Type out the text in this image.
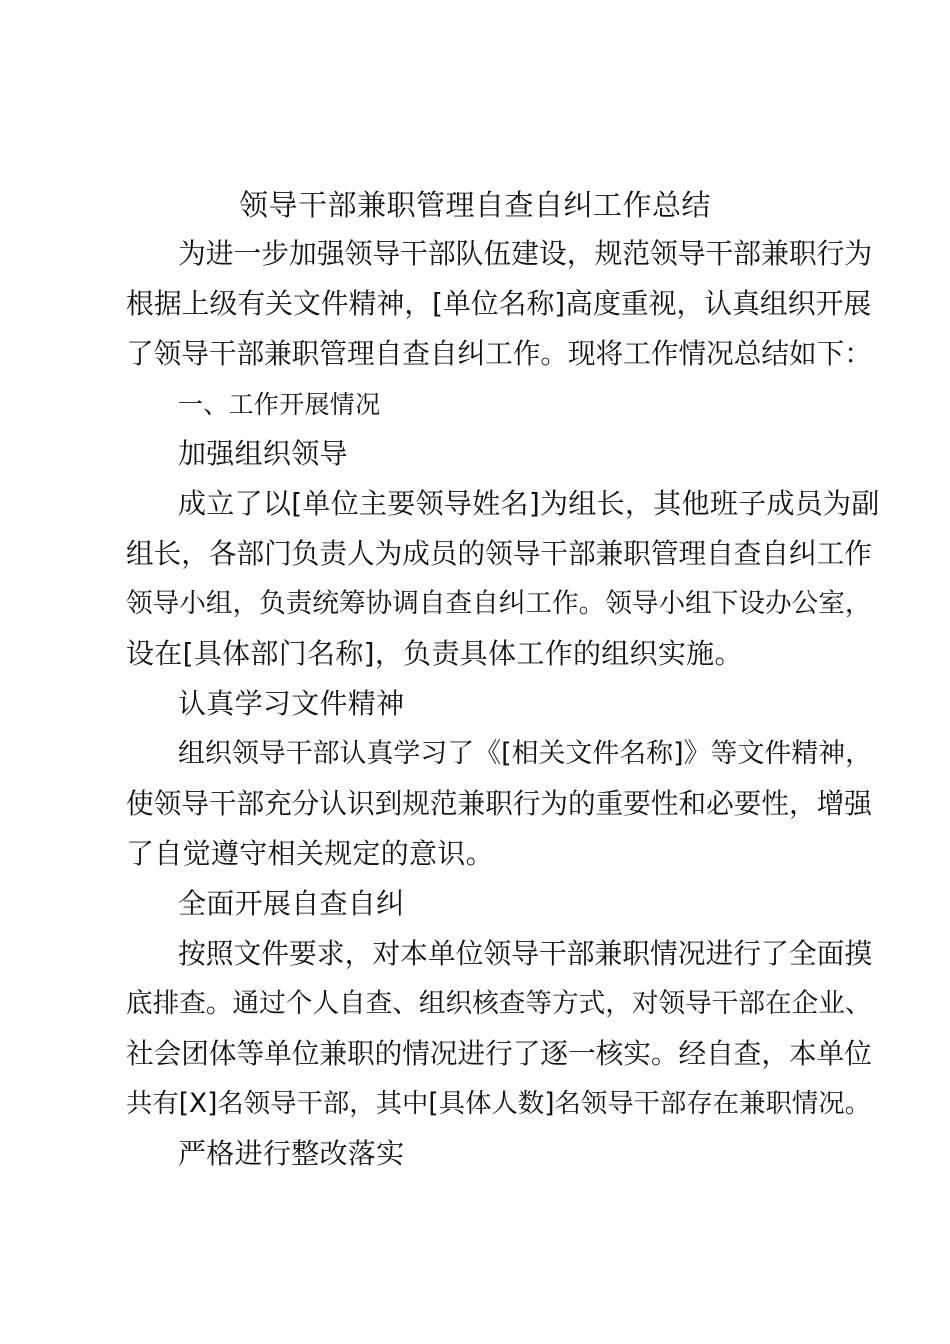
领导干部兼职管理自查自纠工作总结
为进一步加强领导干部队伍建设，规范领导干部兼职行为
根据上级有关文件精神，[单位名称]高度重视，认真组织开展
了领导干部兼职管理自查自纠工作。现将工作情况总结如下：
一、工作开展情况
加强组织领导
成立了以[单位主要领导姓名]为组长，其他班子成员为副
组长，各部门负责人为成员的领导干部兼职管理自查自纠工作
领导小组，负责统筹协调自查自纠工作。领导小组下设办公室，
设在[具体部门名称]，负责具体工作的组织实施。
认真学习文件精神
组织领导干部认真学习了《[相关文件名称]》等文件精神，
使领导干部充分认识到规范兼职行为的重要性和必要性，增强
了自觉遵守相关规定的意识。
全面开展自查自纠
按照文件要求，对本单位领导干部兼职情况进行了全面摸
底排查。通过个人自查、组织核查等方式，对领导干部在企业、
社会团体等单位兼职的情况进行了逐一核实。经自查，本单位
共有[X]名领导干部，其中[具体人数]名领导干部存在兼职情况。
严格进行整改落实
